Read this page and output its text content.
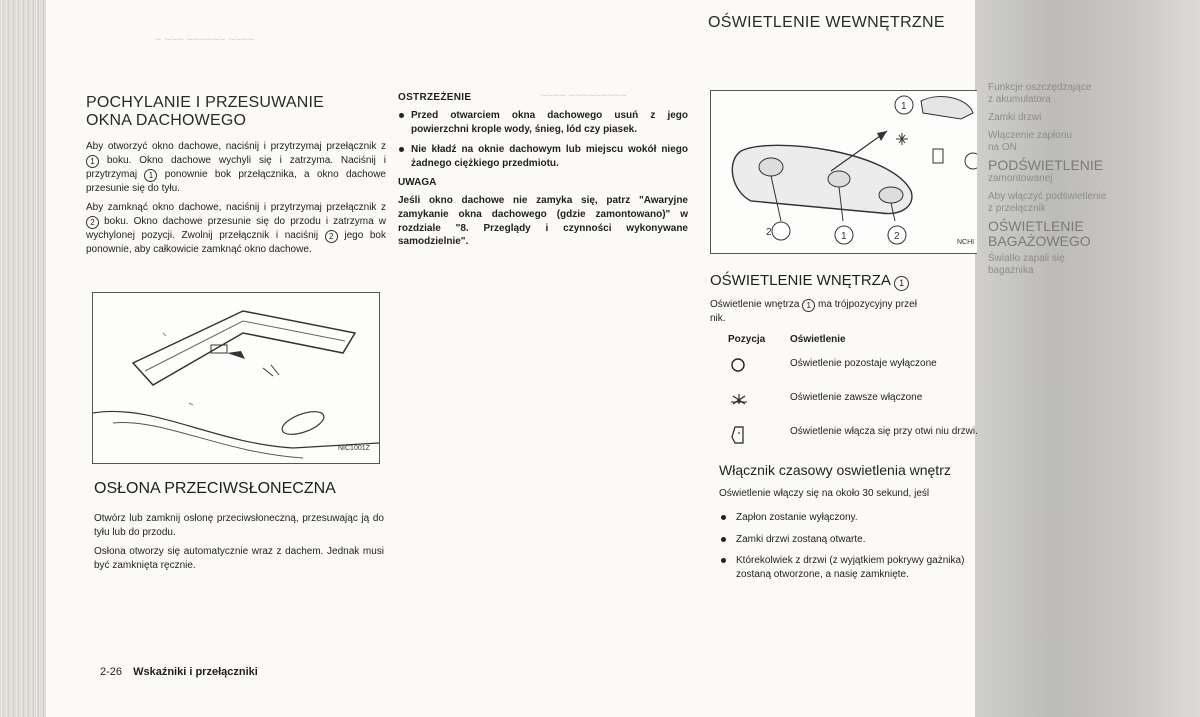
~ ~~~ ~~~~~~ ~~~~
~~~~ ~~~~~~~~~
POCHYLANIE I PRZESUWANIE
OKNA DACHOWEGO

Aby otworzyć okno dachowe, naciśnij i przytrzymaj przełącznik z 1 boku. Okno dachowe wychyli się i zatrzyma. Naciśnij i przytrzymaj 1 ponownie bok przełącznika, a okno dachowe przesunie się do tyłu.

Aby zamknąć okno dachowe, naciśnij i przytrzymaj przełącznik z 2 boku. Okno dachowe przesunie się do przodu i zatrzyma w wychylonej pozycji. Zwolnij przełącznik i naciśnij 2 jego bok ponownie, aby całkowicie zamknąć okno dachowe.

NIC1001Z
OSŁONA PRZECIWSŁONECZNA

Otwórz lub zamknij osłonę przeciwsłoneczną, przesuwając ją do tyłu lub do przodu.

Osłona otworzy się automatycznie wraz z dachem. Jednak musi być zamknięta ręcznie.

OSTRZEŻENIE
Przed otwarciem okna dachowego usuń z jego powierzchni krople wody, śnieg, lód czy piasek.
Nie kładź na oknie dachowym lub miejscu wokół niego żadnego ciężkiego przedmiotu.
UWAGA
Jeśli okno dachowe nie zamyka się, patrz "Awaryjne zamykanie okna dachowego (gdzie zamontowano)" w rozdziale "8. Przeglądy i czynności wykonywane samodzielnie".
OŚWIETLENIE WEWNĘTRZNE
2	1	2
1
NCHI
OŚWIETLENIE WNĘTRZA 1
Oświetlenie wnętrza 1 ma trójpozycyjny przeł
nik.
Pozycja	Oświetlenie
	Oświetlenie pozostaje wyłączone
	Oświetlenie zawsze włączone
	Oświetlenie włącza się przy otwi niu drzwi.
Włącznik czasowy oswietlenia wnętrz
Oświetlenie włączy się na około 30 sekund, jeśl
Zapłon zostanie wyłączony.
Zamki drzwi zostaną otwarte.
Którekolwiek z drzwi (z wyjątkiem pokrywy gażnika) zostaną otworzone, a nasię zamknięte.
Funkcje oszczędzające
z akumulatora
Zamki drzwi
Włączenie zapłonu
na ON
PODŚWIETLENIE
zamontowanej
Aby włączyć podświetlenie
z przełącznik
OŚWIETLENIE
BAGAŻOWEGO
Światło zapali się
bagażnika
2-26 Wskaźniki i przełączniki
